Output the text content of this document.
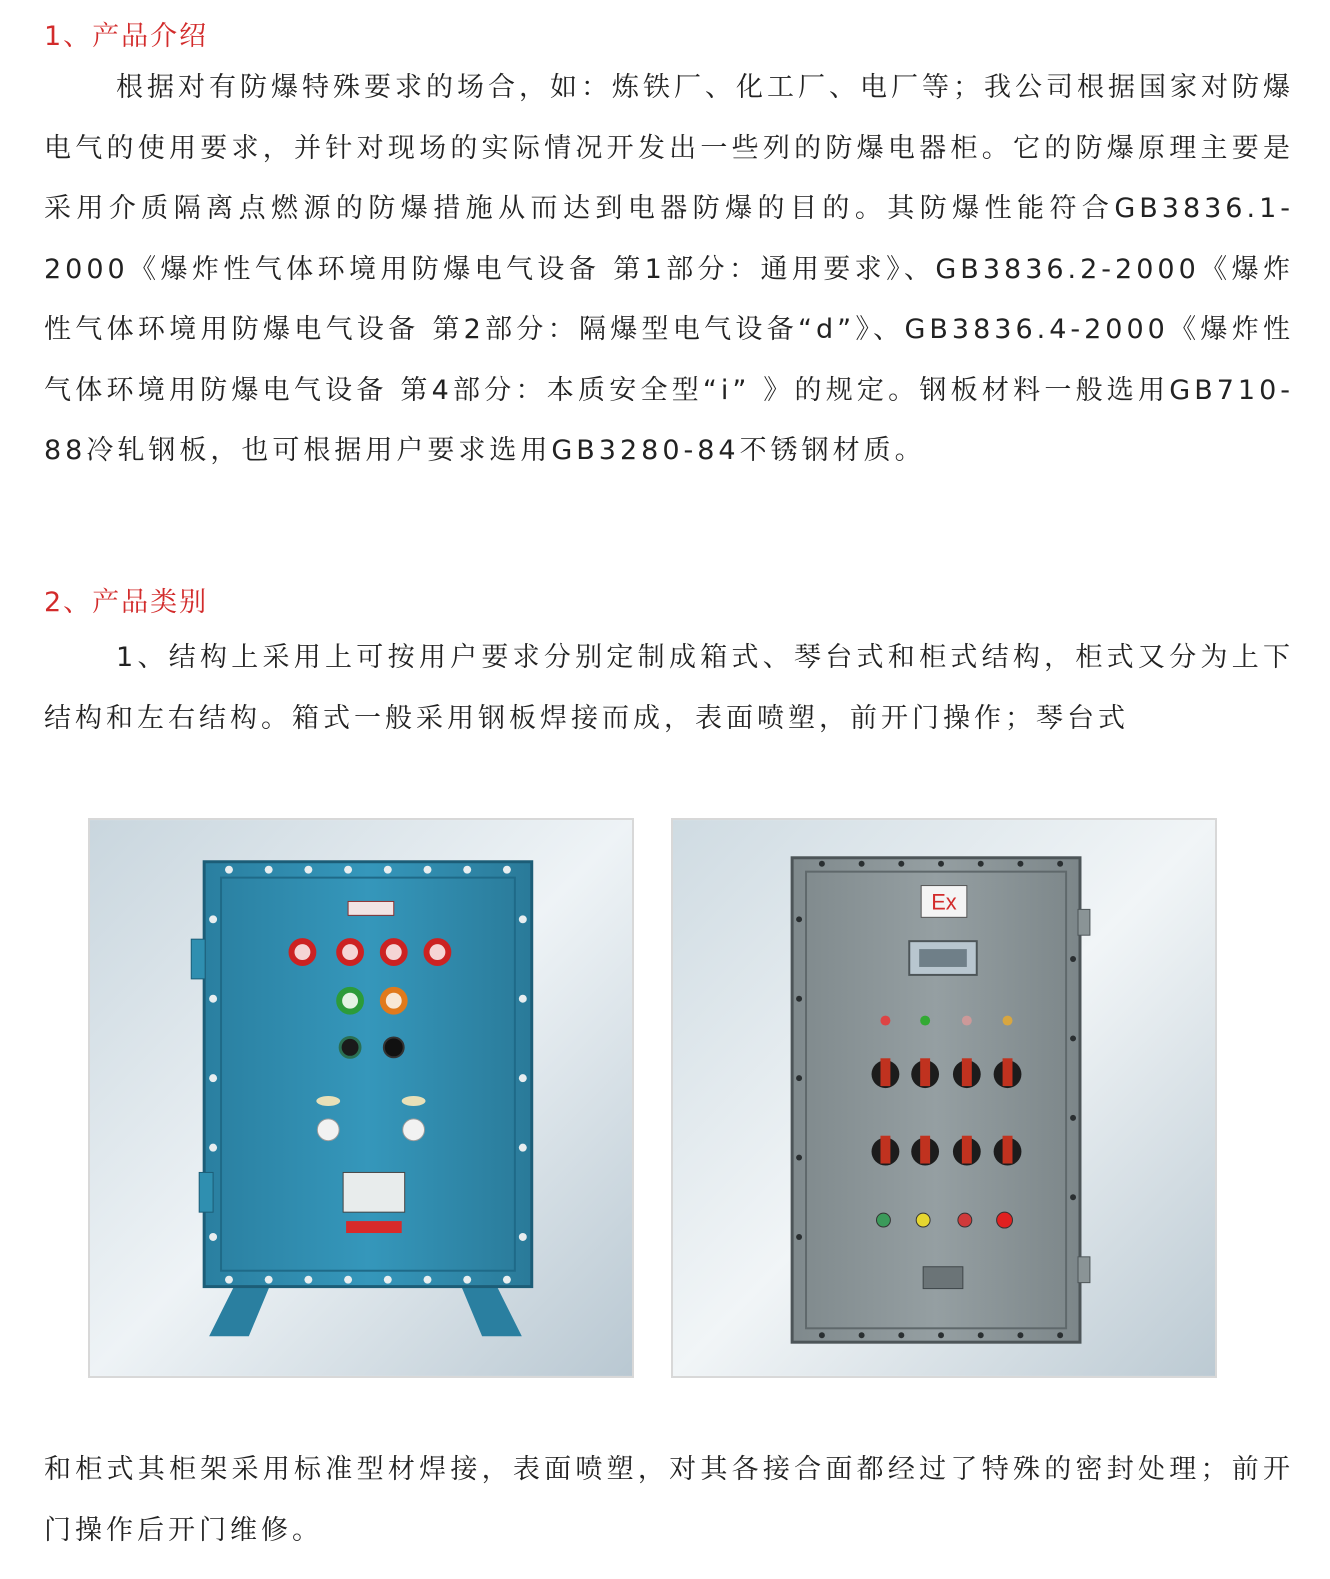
1、产品介绍
根据对有防爆特殊要求的场合，如：炼铁厂、化工厂、电厂等；我公司根据国家对防爆电气的使用要求，并针对现场的实际情况开发出一些列的防爆电器柜。它的防爆原理主要是采用介质隔离点燃源的防爆措施从而达到电器防爆的目的。其防爆性能符合GB3836.1-2000《爆炸性气体环境用防爆电气设备 第1部分：通用要求》、GB3836.2-2000《爆炸性气体环境用防爆电气设备 第2部分：隔爆型电气设备“d”》、GB3836.4-2000《爆炸性气体环境用防爆电气设备 第4部分：本质安全型“i” 》的规定。钢板材料一般选用GB710-88冷轧钢板，也可根据用户要求选用GB3280-84不锈钢材质。
2、产品类别
1、结构上采用上可按用户要求分别定制成箱式、琴台式和柜式结构，柜式又分为上下结构和左右结构。箱式一般采用钢板焊接而成，表面喷塑，前开门操作；琴台式
Ex
和柜式其柜架采用标准型材焊接，表面喷塑，对其各接合面都经过了特殊的密封处理；前开门操作后开门维修。
